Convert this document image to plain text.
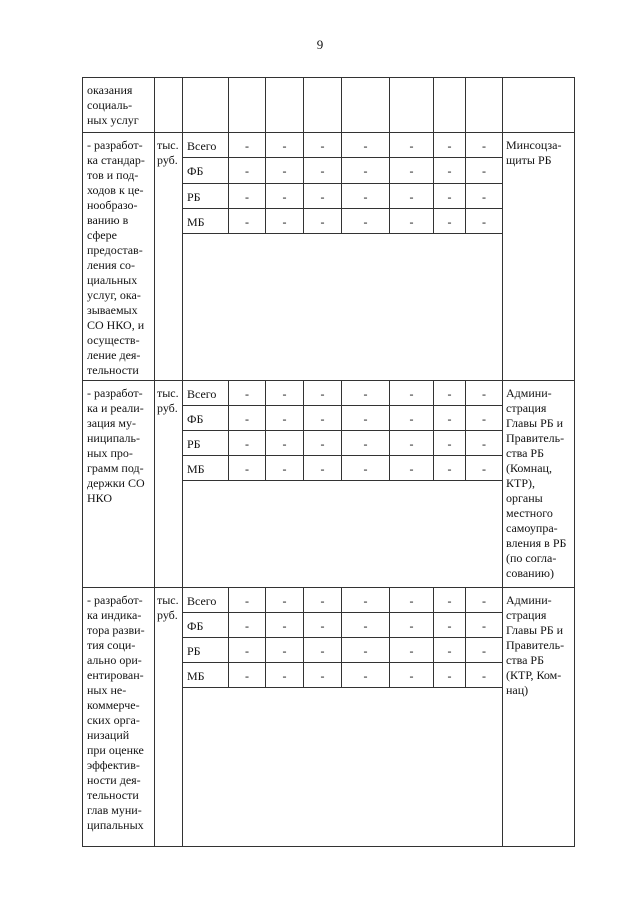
9
оказания социаль-ных услуг										
- разработ-ка стандар-тов и под-ходов к це-нообразо-ванию в сфере предостав-ления со-циальных услуг, ока-зываемых СО НКО, и осуществ-ление дея-тельности	тыс. руб.	Всего	-	-	-	-	-	-	-	Минсоцза-щиты РБ
		ФБ	-	-	-	-	-	-	-	
		РБ	-	-	-	-	-	-	-	
		МБ	-	-	-	-	-	-	-	

- разработ-ка и реали-зация му-ниципаль-ных про-грамм под-держки СО НКО	тыс. руб.	Всего	-	-	-	-	-	-	-	Админи-страция Главы РБ и Правитель-ства РБ (Комнац, КТР), органы местного самоупра-вления в РБ (по согла-сованию)
		ФБ	-	-	-	-	-	-	-	
		РБ	-	-	-	-	-	-	-	
		МБ	-	-	-	-	-	-	-	

- разработ-ка индика-тора разви-тия соци-ально ори-ентирован-ных не-коммерче-ских орга-низаций при оценке эффектив-ности дея-тельности глав муни-ципальных	тыс. руб.	Всего	-	-	-	-	-	-	-	Админи-страция Главы РБ и Правитель-ства РБ (КТР, Ком-нац)
		ФБ	-	-	-	-	-	-	-	
		РБ	-	-	-	-	-	-	-	
		МБ	-	-	-	-	-	-	-	
